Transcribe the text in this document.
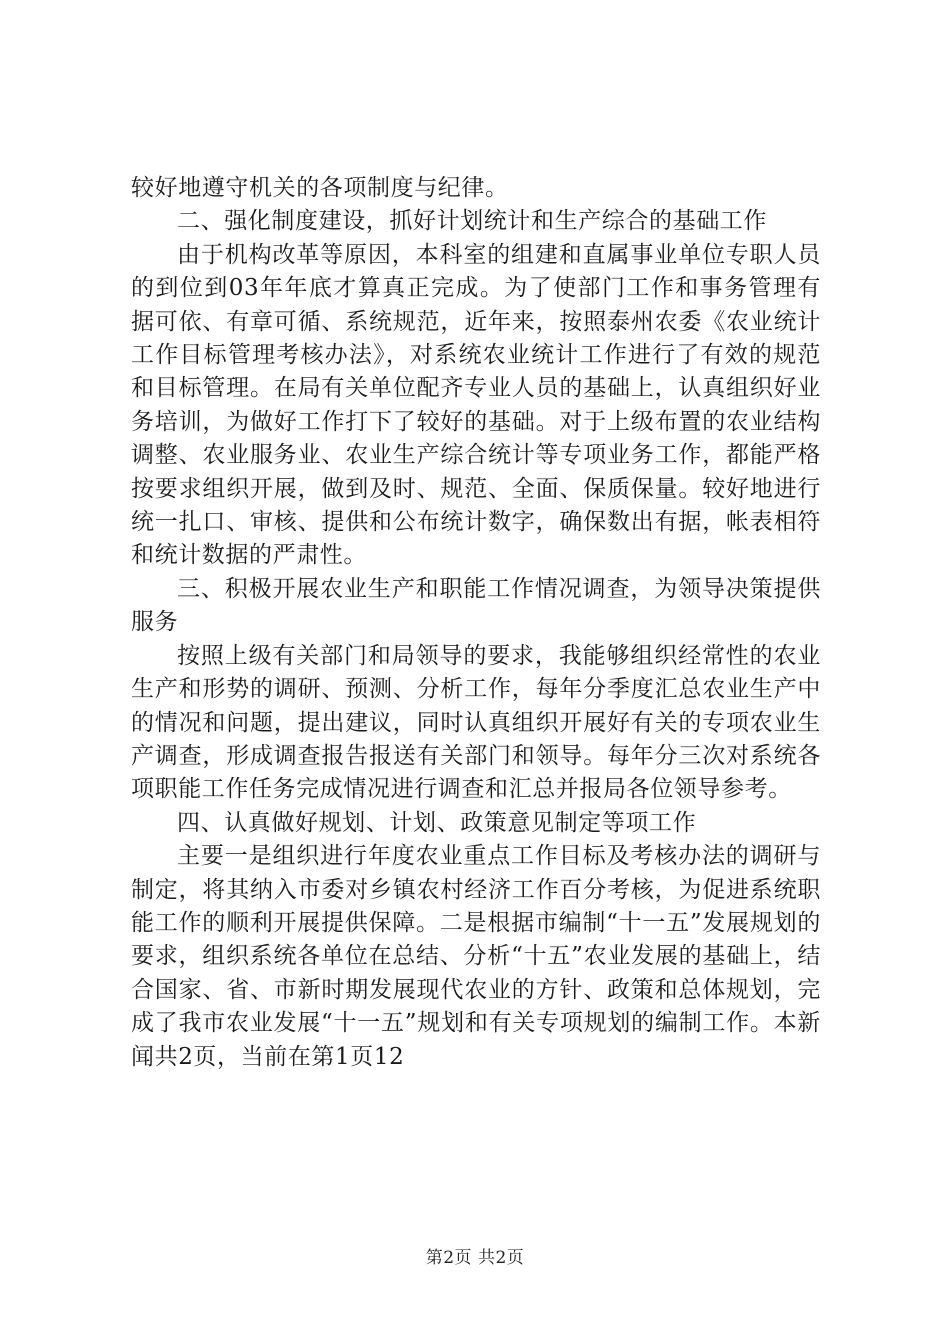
较好地遵守机关的各项制度与纪律。

二、强化制度建设，抓好计划统计和生产综合的基础工作

由于机构改革等原因，本科室的组建和直属事业单位专职人员的到位到03年年底才算真正完成。为了使部门工作和事务管理有据可依、有章可循、系统规范，近年来，按照泰州农委《农业统计工作目标管理考核办法》，对系统农业统计工作进行了有效的规范和目标管理。在局有关单位配齐专业人员的基础上，认真组织好业务培训，为做好工作打下了较好的基础。对于上级布置的农业结构调整、农业服务业、农业生产综合统计等专项业务工作，都能严格按要求组织开展，做到及时、规范、全面、保质保量。较好地进行统一扎口、审核、提供和公布统计数字，确保数出有据，帐表相符和统计数据的严肃性。

三、积极开展农业生产和职能工作情况调查，为领导决策提供服务

按照上级有关部门和局领导的要求，我能够组织经常性的农业生产和形势的调研、预测、分析工作，每年分季度汇总农业生产中的情况和问题，提出建议，同时认真组织开展好有关的专项农业生产调查，形成调查报告报送有关部门和领导。每年分三次对系统各项职能工作任务完成情况进行调查和汇总并报局各位领导参考。

四、认真做好规划、计划、政策意见制定等项工作

主要一是组织进行年度农业重点工作目标及考核办法的调研与制定，将其纳入市委对乡镇农村经济工作百分考核，为促进系统职能工作的顺利开展提供保障。二是根据市编制“十一五”发展规划的要求，组织系统各单位在总结、分析“十五”农业发展的基础上，结合国家、省、市新时期发展现代农业的方针、政策和总体规划，完成了我市农业发展“十一五”规划和有关专项规划的编制工作。本新闻共2页，当前在第1页12

第2页 共2页
